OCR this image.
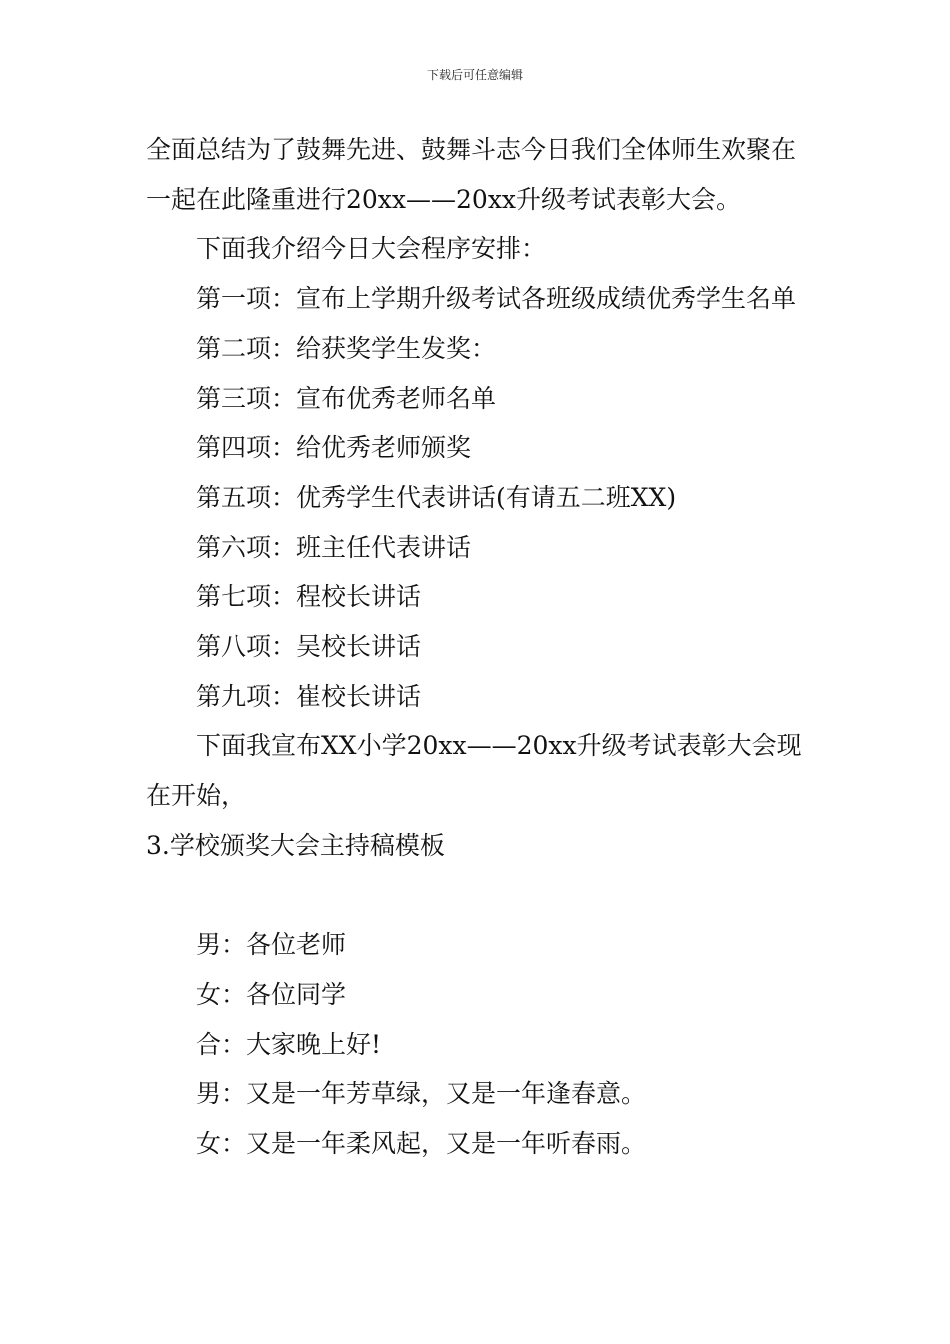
下载后可任意编辑

全面总结为了鼓舞先进、鼓舞斗志今日我们全体师生欢聚在一起在此隆重进行20xx——20xx升级考试表彰大会。

下面我介绍今日大会程序安排：

第一项：宣布上学期升级考试各班级成绩优秀学生名单

第二项：给获奖学生发奖：

第三项：宣布优秀老师名单

第四项：给优秀老师颁奖

第五项：优秀学生代表讲话(有请五二班XX)

第六项：班主任代表讲话

第七项：程校长讲话

第八项：吴校长讲话

第九项：崔校长讲话

下面我宣布XX小学20xx——20xx升级考试表彰大会现在开始，

3.学校颁奖大会主持稿模板

男：各位老师

女：各位同学

合：大家晚上好!

男：又是一年芳草绿，又是一年逢春意。

女：又是一年柔风起，又是一年听春雨。
